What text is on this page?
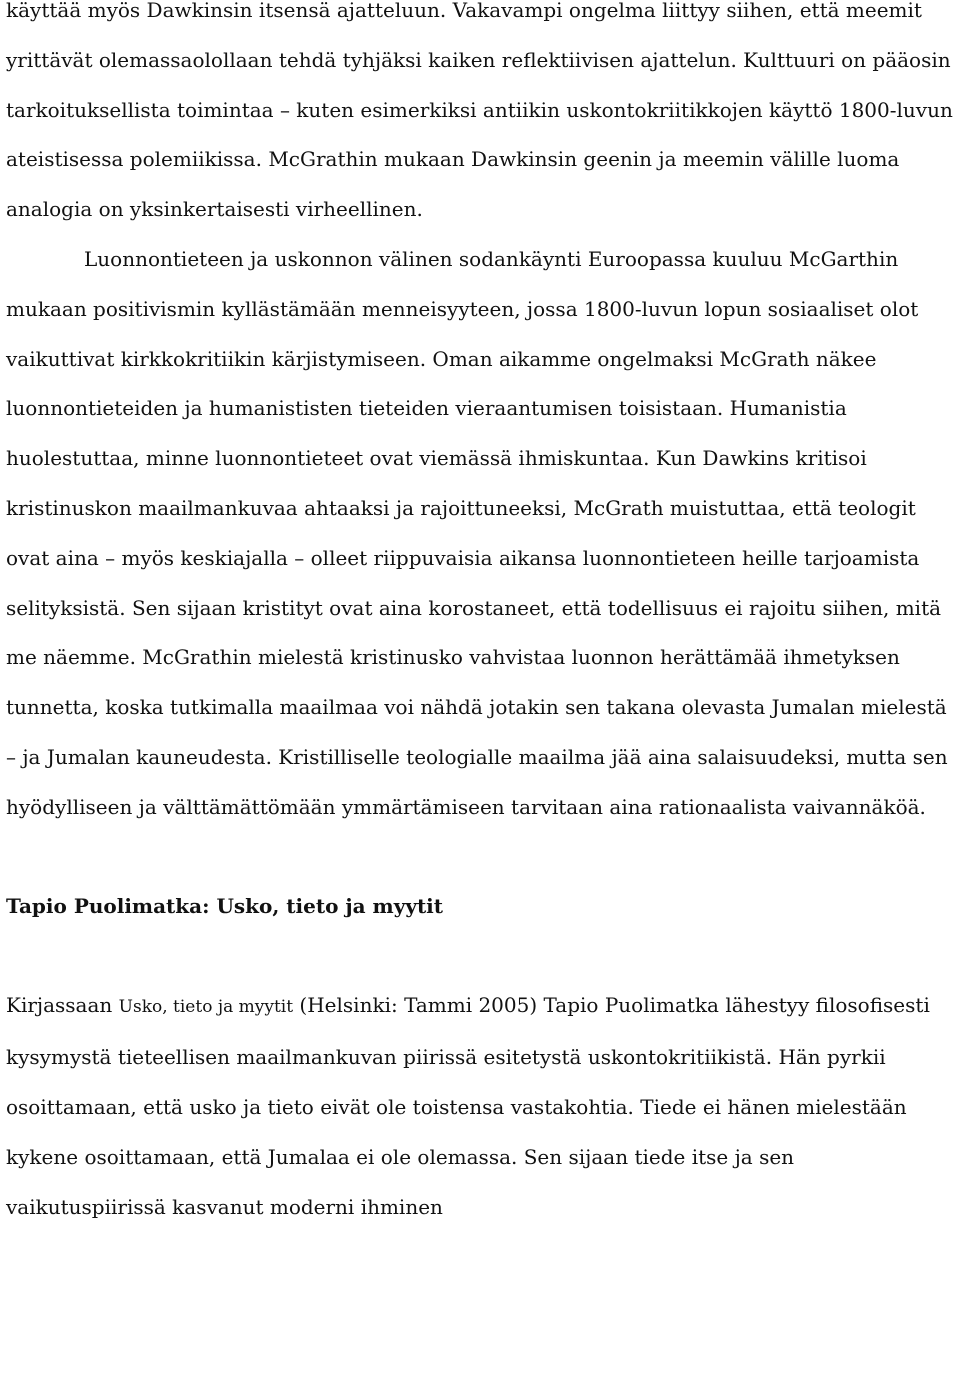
käyttää myös Dawkinsin itsensä ajatteluun. Vakavampi ongelma liittyy siihen, että meemit yrittävät olemassaolollaan tehdä tyhjäksi kaiken reflektiivisen ajattelun. Kulttuuri on pääosin tarkoituksellista toimintaa – kuten esimerkiksi antiikin uskontokriitikkojen käyttö 1800-luvun ateistisessa polemiikissa. McGrathin mukaan Dawkinsin geenin ja meemin välille luoma analogia on yksinkertaisesti virheellinen.

Luonnontieteen ja uskonnon välinen sodankäynti Euroopassa kuuluu McGarthin mukaan positivismin kyllästämään menneisyyteen, jossa 1800-luvun lopun sosiaaliset olot vaikuttivat kirkkokritiikin kärjistymiseen. Oman aikamme ongelmaksi McGrath näkee luonnontieteiden ja humanististen tieteiden vieraantumisen toisistaan. Humanistia huolestuttaa, minne luonnontieteet ovat viemässä ihmiskuntaa. Kun Dawkins kritisoi kristinuskon maailmankuvaa ahtaaksi ja rajoittuneeksi, McGrath muistuttaa, että teologit ovat aina – myös keskiajalla – olleet riippuvaisia aikansa luonnontieteen heille tarjoamista selityksistä. Sen sijaan kristityt ovat aina korostaneet, että todellisuus ei rajoitu siihen, mitä me näemme. McGrathin mielestä kristinusko vahvistaa luonnon herättämää ihmetyksen tunnetta, koska tutkimalla maailmaa voi nähdä jotakin sen takana olevasta Jumalan mielestä – ja Jumalan kauneudesta. Kristilliselle teologialle maailma jää aina salaisuudeksi, mutta sen hyödylliseen ja välttämättömään ymmärtämiseen tarvitaan aina rationaalista vaivannäköä.

Tapio Puolimatka: Usko, tieto ja myytit

Kirjassaan Usko, tieto ja myytit (Helsinki: Tammi 2005) Tapio Puolimatka lähestyy filosofisesti kysymystä tieteellisen maailmankuvan piirissä esitetystä uskontokritiikistä. Hän pyrkii osoittamaan, että usko ja tieto eivät ole toistensa vastakohtia. Tiede ei hänen mielestään kykene osoittamaan, että Jumalaa ei ole olemassa. Sen sijaan tiede itse ja sen vaikutuspiirissä kasvanut moderni ihminen
